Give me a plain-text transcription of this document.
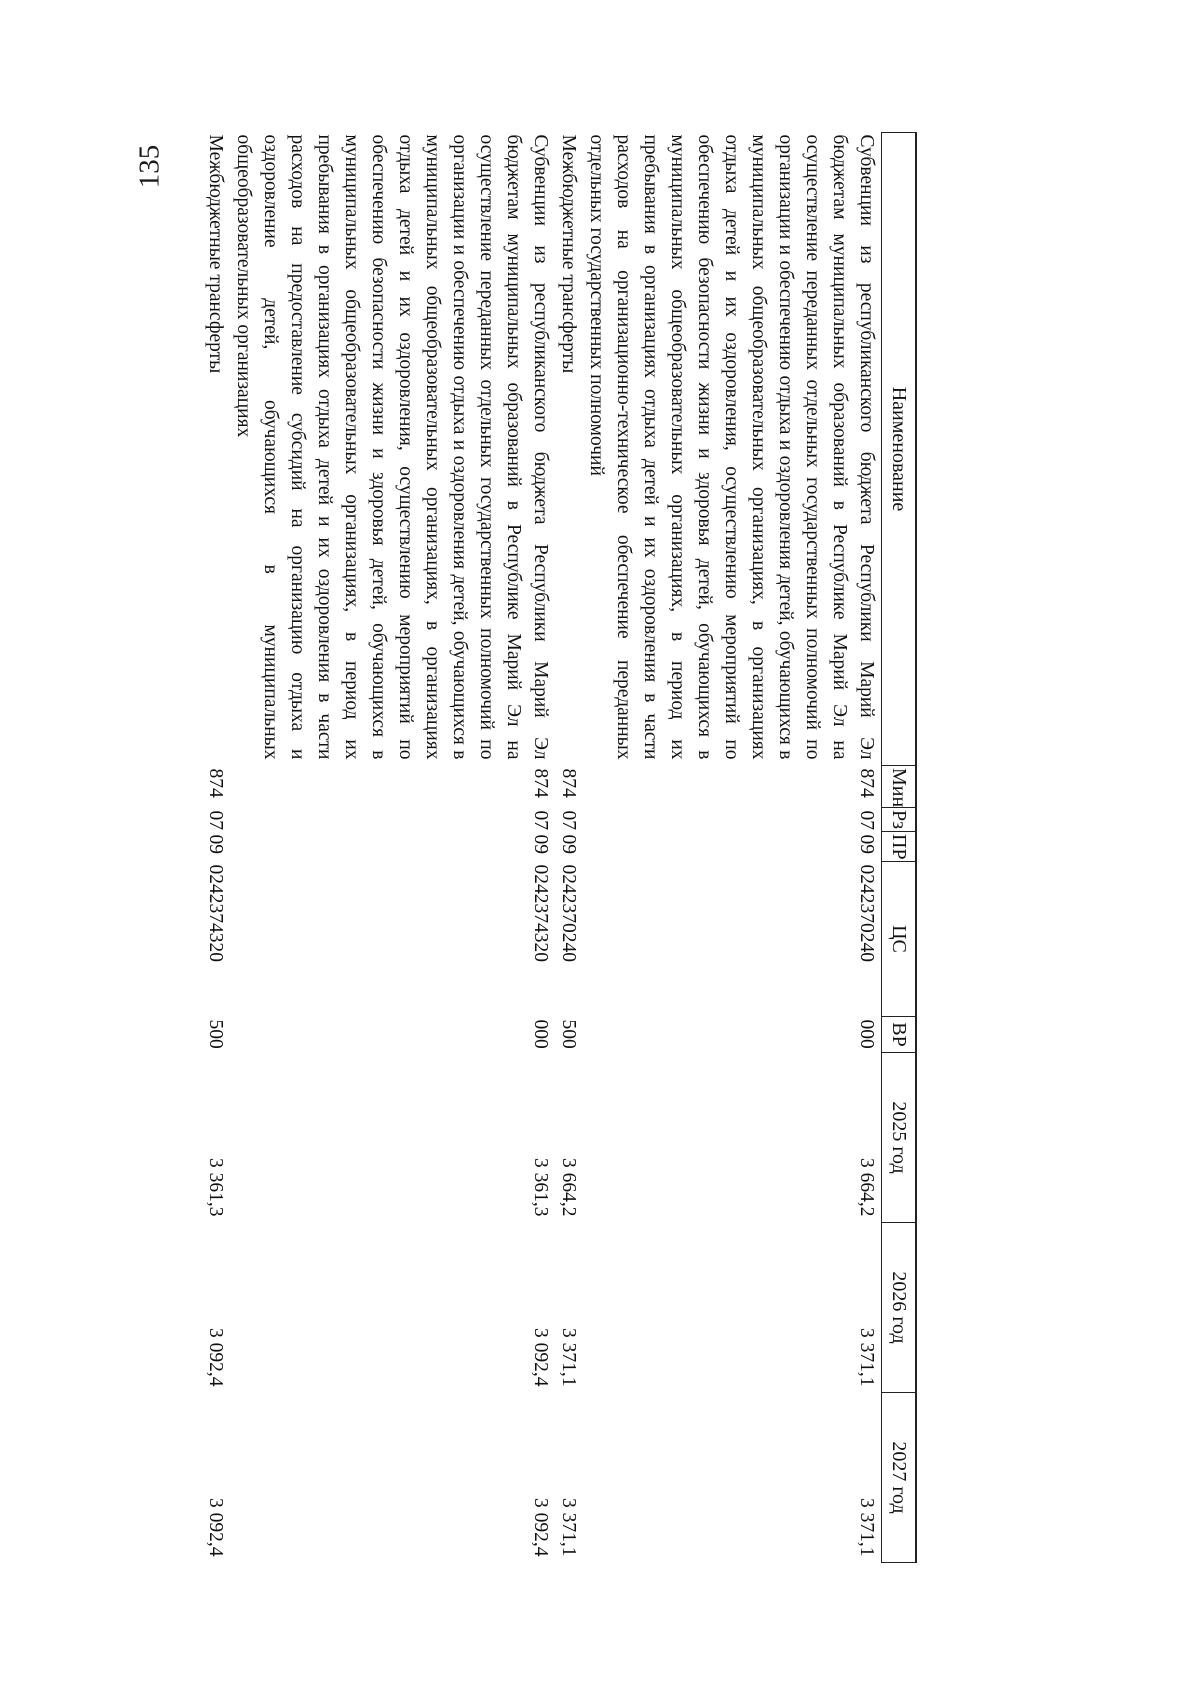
135
Наименование	Мин	Рз	ПР	ЦС	ВР	2025 год	2026 год	2027 год
Субвенции из республиканского бюджета Республики Марий Эл бюджетам муниципальных образований в Республике Марий Эл на осуществление переданных отдельных государственных полномочий по организации и обеспечению отдыха и оздоровления детей, обучающихся в муниципальных общеобразовательных организациях, в организациях отдыха детей и их оздоровления, осуществлению мероприятий по обеспечению безопасности жизни и здоровья детей, обучающихся в муниципальных общеобразовательных организациях, в период их пребывания в организациях отдыха детей и их оздоровления в части расходов на организационно-техническое обеспечение переданных отдельных государственных полномочий	874	07	09	0242370240	000	3 664,2	3 371,1	3 371,1
Межбюджетные трансферты	874	07	09	0242370240	500	3 664,2	3 371,1	3 371,1
Субвенции из республиканского бюджета Республики Марий Эл бюджетам муниципальных образований в Республике Марий Эл на осуществление переданных отдельных государственных полномочий по организации и обеспечению отдыха и оздоровления детей, обучающихся в муниципальных общеобразовательных организациях, в организациях отдыха детей и их оздоровления, осуществлению мероприятий по обеспечению безопасности жизни и здоровья детей, обучающихся в муниципальных общеобразовательных организациях, в период их пребывания в организациях отдыха детей и их оздоровления в части расходов на предоставление субсидий на организацию отдыха и оздоровление детей, обучающихся в муниципальных общеобразовательных организациях	874	07	09	0242374320	000	3 361,3	3 092,4	3 092,4
Межбюджетные трансферты	874	07	09	0242374320	500	3 361,3	3 092,4	3 092,4
